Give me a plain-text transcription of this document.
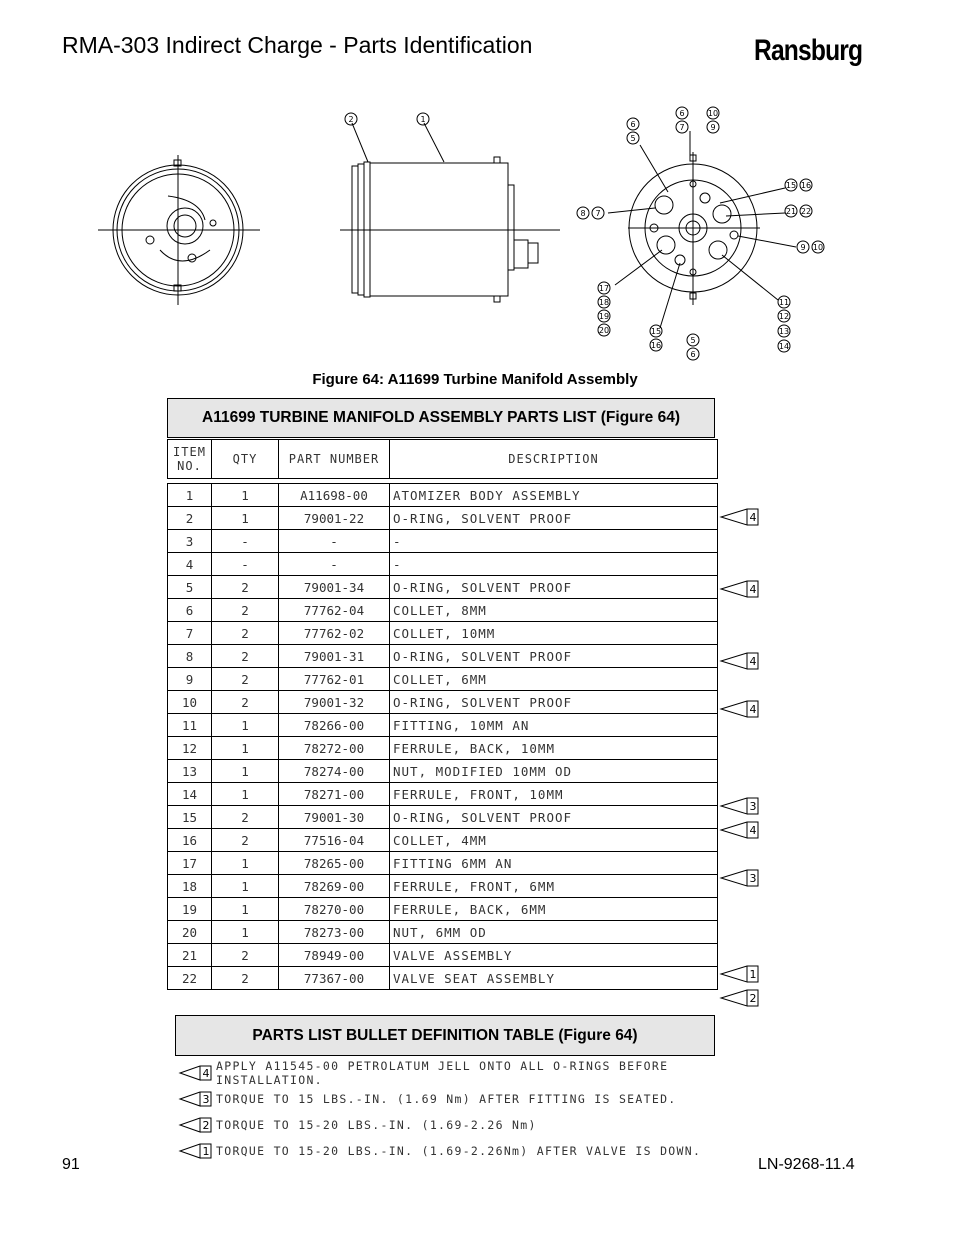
RMA-303 Indirect Charge - Parts Identification	Ransburg
2	1
6
7
10
9
6
5
15 16
8 7	21 22
9 10
17
18
19
20	15
16
5
6
11
12
13
14
Figure 64: A11699 Turbine Manifold Assembly
A11699 TURBINE MANIFOLD ASSEMBLY PARTS LIST (Figure 64)
ITEM NO.	QTY	PART NUMBER	DESCRIPTION

1	1	A11698-00	ATOMIZER BODY ASSEMBLY
2	1	79001-22	O-RING, SOLVENT PROOF
3	-	-	-
4	-	-	-
5	2	79001-34	O-RING, SOLVENT PROOF
6	2	77762-04	COLLET, 8MM
7	2	77762-02	COLLET, 10MM
8	2	79001-31	O-RING, SOLVENT PROOF
9	2	77762-01	COLLET, 6MM
10	2	79001-32	O-RING, SOLVENT PROOF
11	1	78266-00	FITTING, 10MM AN
12	1	78272-00	FERRULE, BACK, 10MM
13	1	78274-00	NUT, MODIFIED 10MM OD
14	1	78271-00	FERRULE, FRONT, 10MM
15	2	79001-30	O-RING, SOLVENT PROOF
16	2	77516-04	COLLET, 4MM
17	1	78265-00	FITTING 6MM AN
18	1	78269-00	FERRULE, FRONT, 6MM
19	1	78270-00	FERRULE, BACK, 6MM
20	1	78273-00	NUT, 6MM OD
21	2	78949-00	VALVE ASSEMBLY
22	2	77367-00	VALVE SEAT ASSEMBLY
4
4
4
4
3
4
3
1
2
PARTS LIST BULLET DEFINITION TABLE (Figure 64)
4
APPLY A11545-00 PETROLATUM JELL ONTO ALL O-RINGS BEFORE INSTALLATION.
3 TORQUE TO 15 LBS.-IN. (1.69 Nm) AFTER FITTING IS SEATED.
2 TORQUE TO 15-20 LBS.-IN. (1.69-2.26 Nm)
1 TORQUE TO 15-20 LBS.-IN. (1.69-2.26Nm) AFTER VALVE IS DOWN.
91	LN-9268-11.4
